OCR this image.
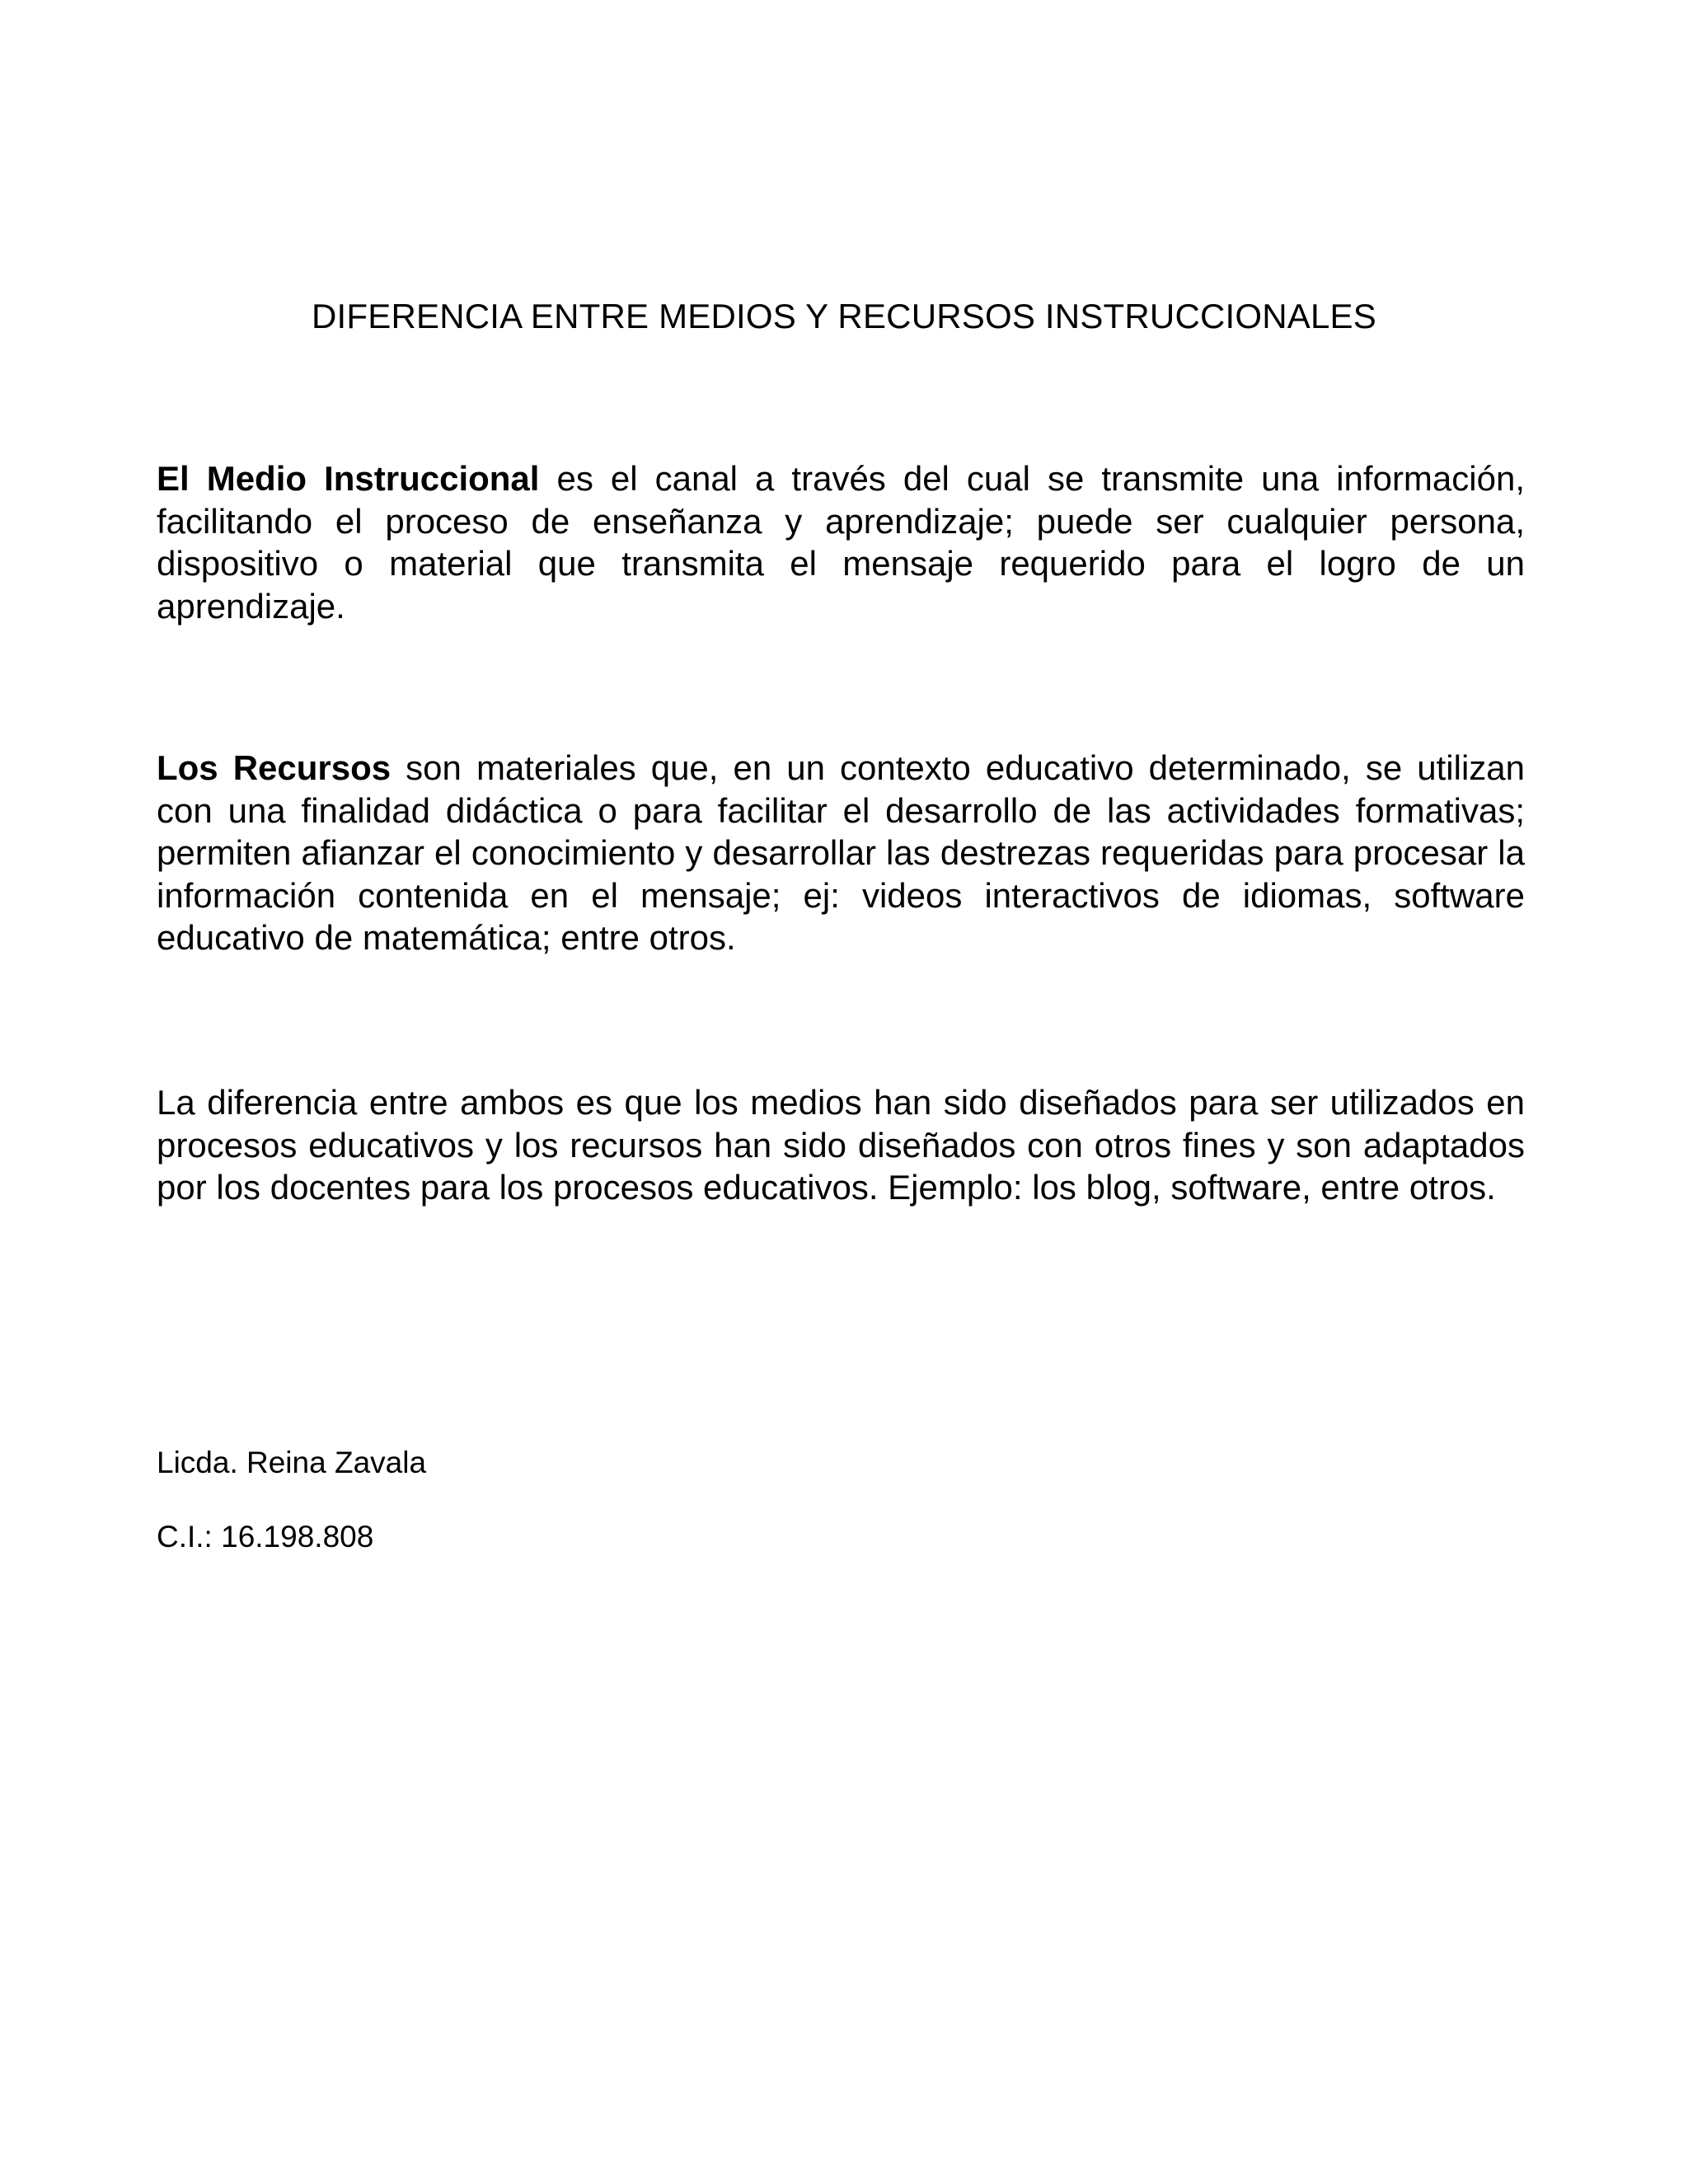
DIFERENCIA ENTRE MEDIOS Y RECURSOS INSTRUCCIONALES

El Medio Instruccional es el canal a través del cual se transmite una información, facilitando el proceso de enseñanza y aprendizaje; puede ser cualquier persona, dispositivo o material que transmita el mensaje requerido para el logro de un aprendizaje.

Los Recursos son materiales que, en un contexto educativo determinado, se utilizan con una finalidad didáctica o para facilitar el desarrollo de las actividades formativas; permiten afianzar el conocimiento y desarrollar las destrezas requeridas para procesar la información contenida en el mensaje; ej: videos interactivos de idiomas, software educativo de matemática; entre otros.

La diferencia entre ambos es que los medios han sido diseñados para ser utilizados en procesos educativos y los recursos han sido diseñados con otros fines y son adaptados por los docentes para los procesos educativos. Ejemplo: los blog, software, entre otros.

Licda. Reina Zavala
C.I.: 16.198.808
